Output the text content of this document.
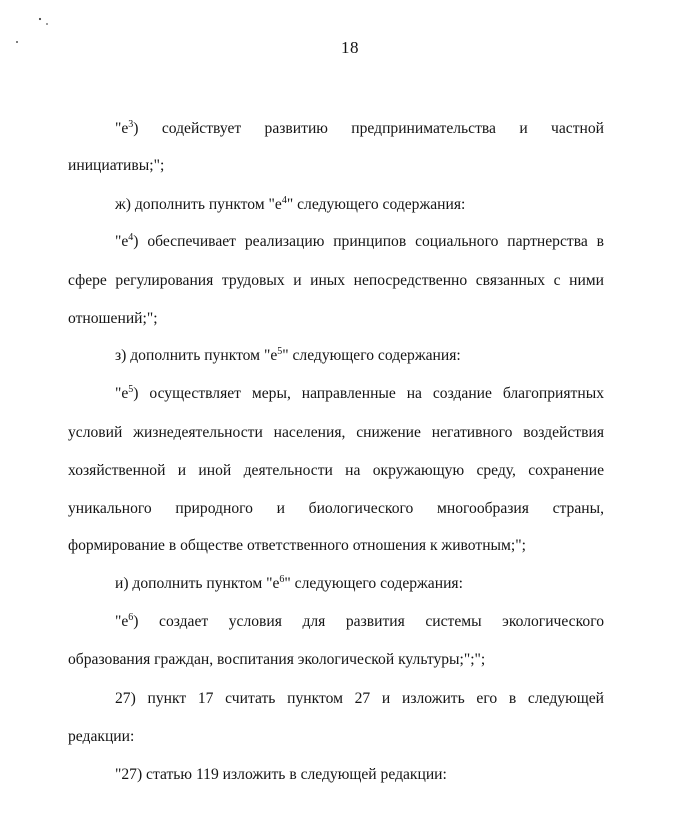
18
"$е^3$) содействует развитию предпринимательства и частной
инициативы;";
ж) дополнить пунктом "$е^4$" следующего содержания:
"$е^4$) обеспечивает реализацию принципов социального партнерства в
сфере регулирования трудовых и иных непосредственно связанных с ними
отношений;";
з) дополнить пунктом "$е^5$" следующего содержания:
"$е^5$) осуществляет меры, направленные на создание благоприятных
условий жизнедеятельности населения, снижение негативного воздействия
хозяйственной и иной деятельности на окружающую среду, сохранение
уникального природного и биологического многообразия страны,
формирование в обществе ответственного отношения к животным;";
и) дополнить пунктом "$е^6$" следующего содержания:
"$е^6$) создает условия для развития системы экологического
образования граждан, воспитания экологической культуры;";";
27) пункт 17 считать пунктом 27 и изложить его в следующей
редакции:
"27) статью 119 изложить в следующей редакции:
